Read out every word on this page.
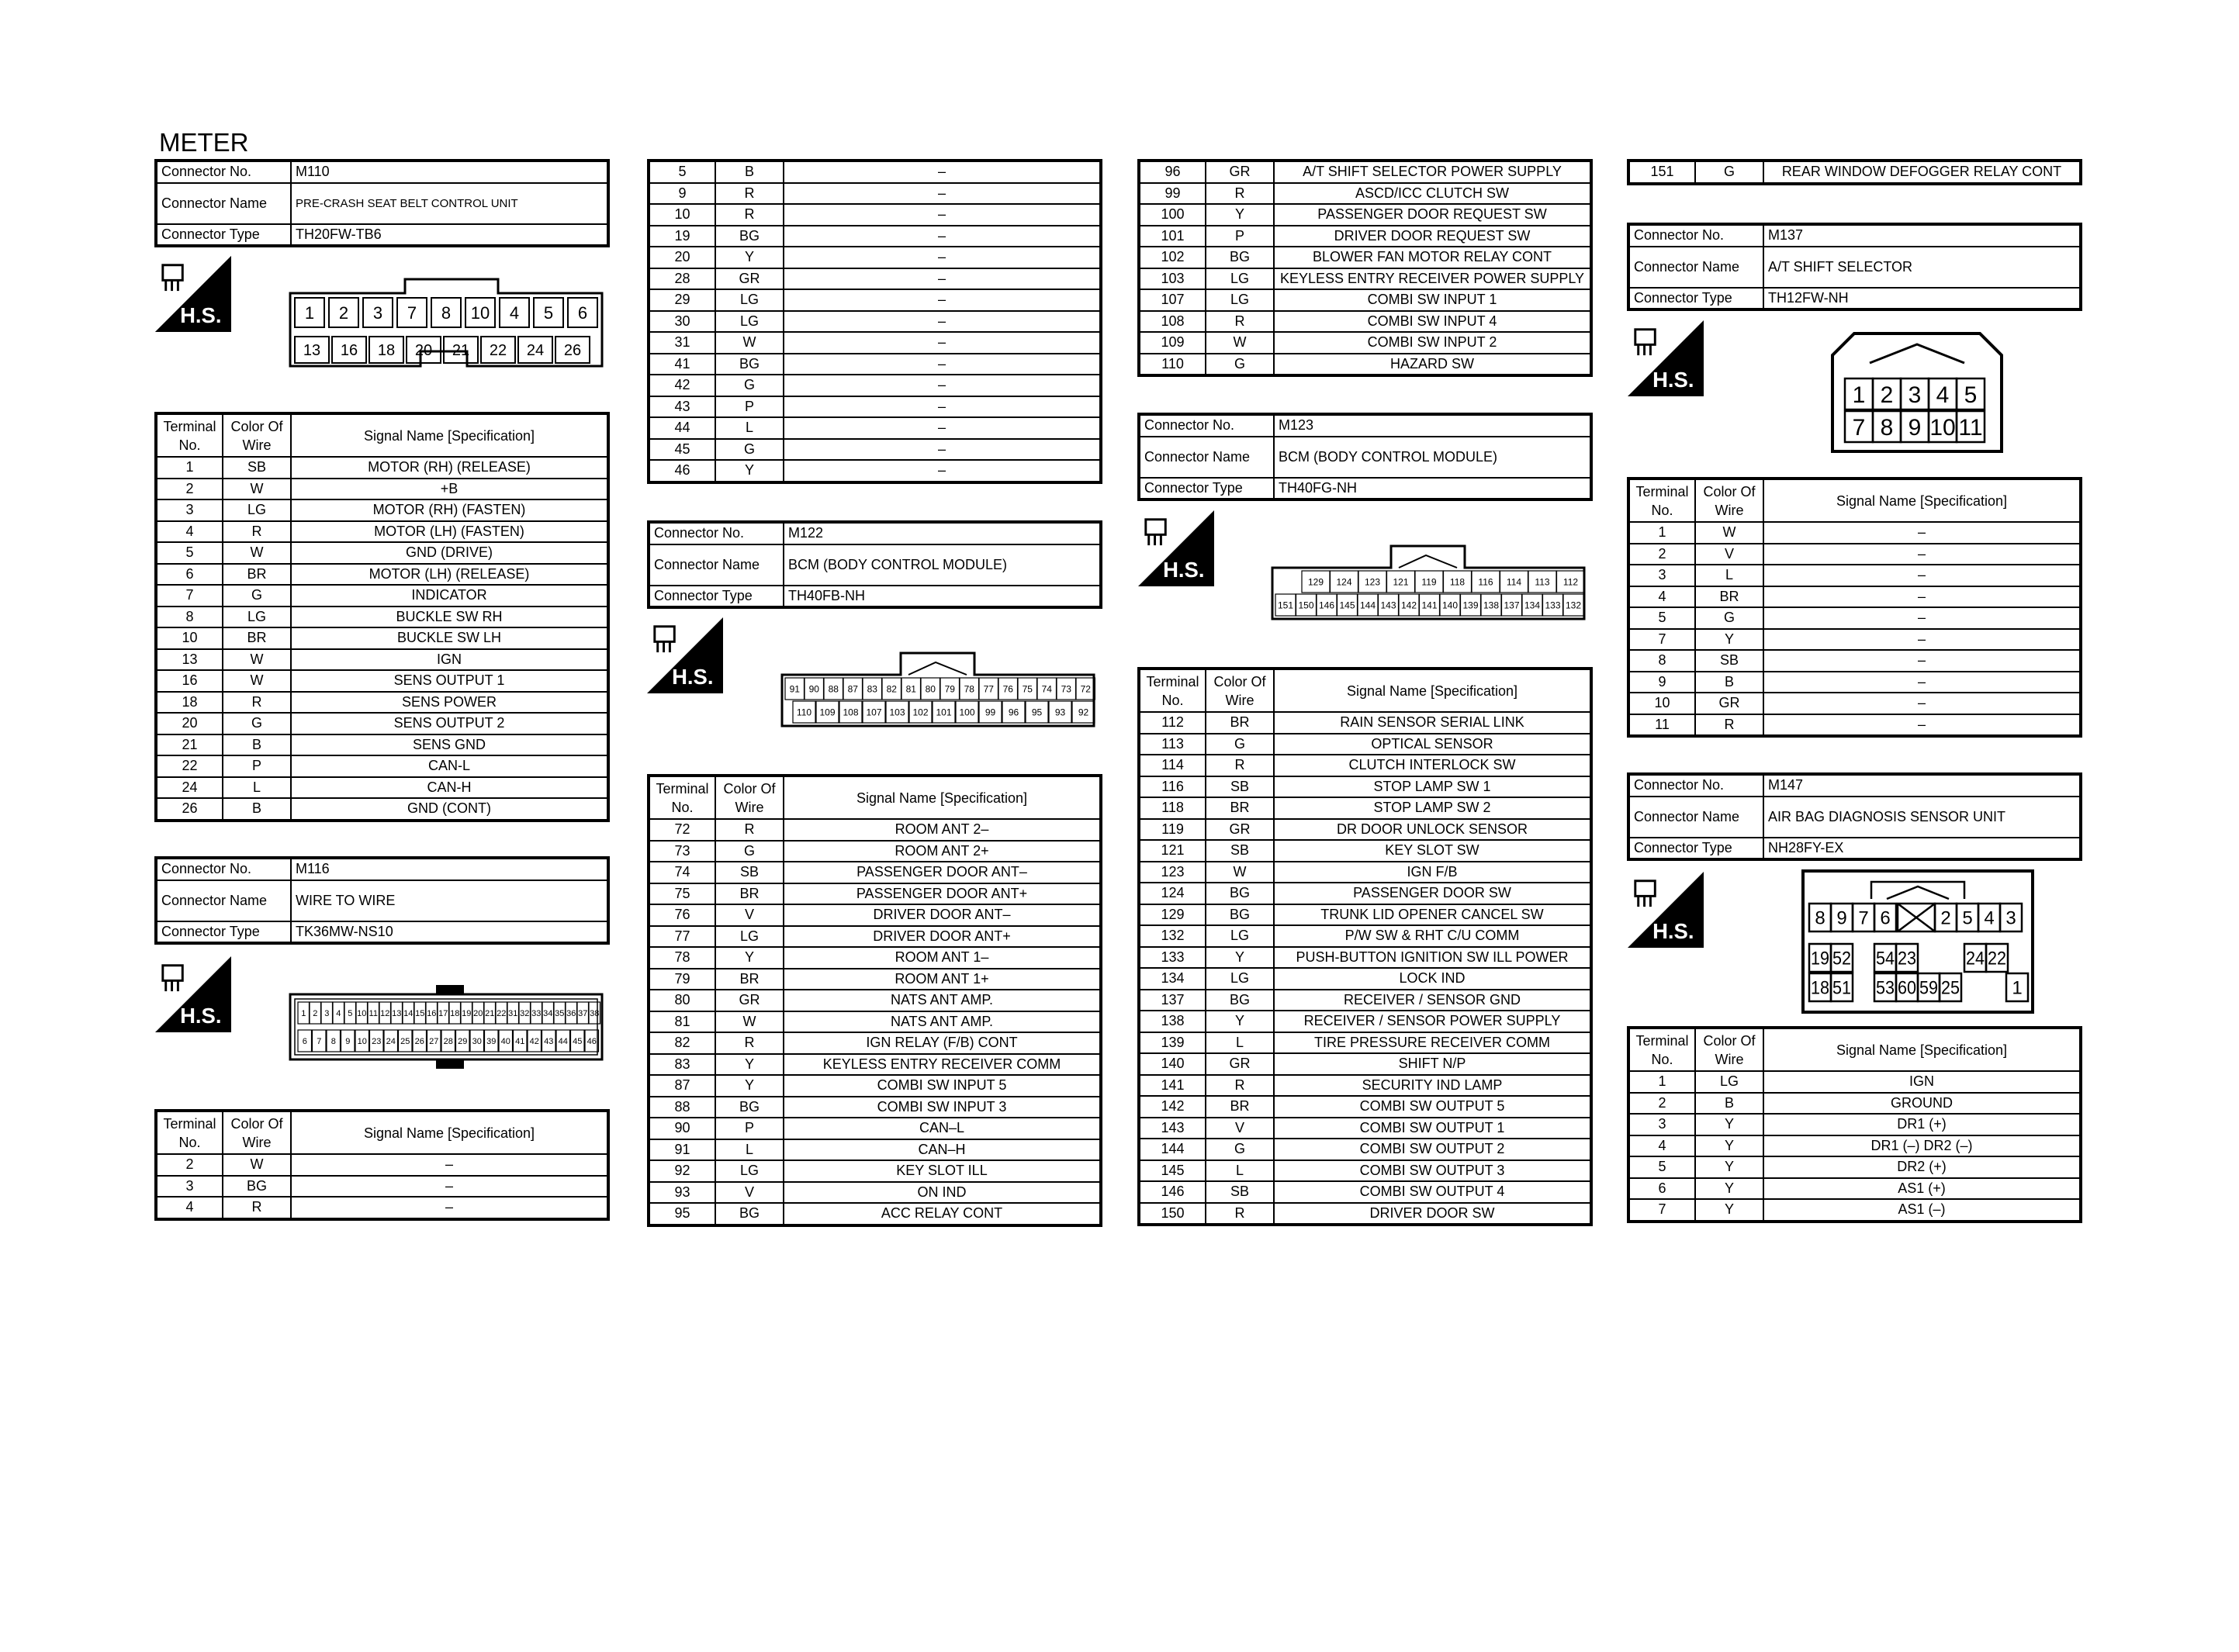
METER
Connector No.	M110
Connector Name	PRE-CRASH SEAT BELT CONTROL UNIT
Connector Type	TH20FW-TB6
H.S.	1 2 3 7 8 10 4 5 6
13 16 18 20 21 22 24 26
Terminal No.	Color Of Wire	Signal Name [Specification]
1	SB	MOTOR (RH) (RELEASE)
2	W	+B
3	LG	MOTOR (RH) (FASTEN)
4	R	MOTOR (LH) (FASTEN)
5	W	GND (DRIVE)
6	BR	MOTOR (LH) (RELEASE)
7	G	INDICATOR
8	LG	BUCKLE SW RH
10	BR	BUCKLE SW LH
13	W	IGN
16	W	SENS OUTPUT 1
18	R	SENS POWER
20	G	SENS OUTPUT 2
21	B	SENS GND
22	P	CAN-L
24	L	CAN-H
26	B	GND (CONT)
Connector No.	M116
Connector Name	WIRE TO WIRE
Connector Type	TK36MW-NS10
H.S.	1 2 3 4 5 10 11 12 13 14 15 16 17 18 19 20 21 22 31 32 33 34 35 36 37 38
6 7 8 9 10 23 24 25 26 27 28 29 30 39 40 41 42 43 44 45 46
Terminal No.	Color Of Wire	Signal Name [Specification]
2	W	–
3	BG	–
4	R	–
5	B	–
9	R	–
10	R	–
19	BG	–
20	Y	–
28	GR	–
29	LG	–
30	LG	–
31	W	–
41	BG	–
42	G	–
43	P	–
44	L	–
45	G	–
46	Y	–
Connector No.	M122
Connector Name	BCM (BODY CONTROL MODULE)
Connector Type	TH40FB-NH
H.S.
91 90 88 87 83 82 81 80 79 78 77 76 75 74 73 72
110 109 108 107 103 102 101 100 99 96 95 93 92
Terminal No.	Color Of Wire	Signal Name [Specification]
72	R	ROOM ANT 2–
73	G	ROOM ANT 2+
74	SB	PASSENGER DOOR ANT–
75	BR	PASSENGER DOOR ANT+
76	V	DRIVER DOOR ANT–
77	LG	DRIVER DOOR ANT+
78	Y	ROOM ANT 1–
79	BR	ROOM ANT 1+
80	GR	NATS ANT AMP.
81	W	NATS ANT AMP.
82	R	IGN RELAY (F/B) CONT
83	Y	KEYLESS ENTRY RECEIVER COMM
87	Y	COMBI SW INPUT 5
88	BG	COMBI SW INPUT 3
90	P	CAN–L
91	L	CAN–H
92	LG	KEY SLOT ILL
93	V	ON IND
95	BG	ACC RELAY CONT
96	GR	A/T SHIFT SELECTOR POWER SUPPLY
99	R	ASCD/ICC CLUTCH SW
100	Y	PASSENGER DOOR REQUEST SW
101	P	DRIVER DOOR REQUEST SW
102	BG	BLOWER FAN MOTOR RELAY CONT
103	LG	KEYLESS ENTRY RECEIVER POWER SUPPLY
107	LG	COMBI SW INPUT 1
108	R	COMBI SW INPUT 4
109	W	COMBI SW INPUT 2
110	G	HAZARD SW
Connector No.	M123
Connector Name	BCM (BODY CONTROL MODULE)
Connector Type	TH40FG-NH
H.S.
129 124 123 121 119 118 116 114 113 112
151 150 146 145 144 143 142 141 140 139 138 137 134 133 132
Terminal No.	Color Of Wire	Signal Name [Specification]
112	BR	RAIN SENSOR SERIAL LINK
113	G	OPTICAL SENSOR
114	R	CLUTCH INTERLOCK SW
116	SB	STOP LAMP SW 1
118	BR	STOP LAMP SW 2
119	GR	DR DOOR UNLOCK SENSOR
121	SB	KEY SLOT SW
123	W	IGN F/B
124	BG	PASSENGER DOOR SW
129	BG	TRUNK LID OPENER CANCEL SW
132	LG	P/W SW & RHT C/U COMM
133	Y	PUSH-BUTTON IGNITION SW ILL POWER
134	LG	LOCK IND
137	BG	RECEIVER / SENSOR GND
138	Y	RECEIVER / SENSOR POWER SUPPLY
139	L	TIRE PRESSURE RECEIVER COMM
140	GR	SHIFT N/P
141	R	SECURITY IND LAMP
142	BR	COMBI SW OUTPUT 5
143	V	COMBI SW OUTPUT 1
144	G	COMBI SW OUTPUT 2
145	L	COMBI SW OUTPUT 3
146	SB	COMBI SW OUTPUT 4
150	R	DRIVER DOOR SW
151	G	REAR WINDOW DEFOGGER RELAY CONT
Connector No.	M137
Connector Name	A/T SHIFT SELECTOR
Connector Type	TH12FW-NH
H.S.
1 2 3 4 5
7 8 9 10 11
Terminal No.	Color Of Wire	Signal Name [Specification]
1	W	–
2	V	–
3	L	–
4	BR	–
5	G	–
7	Y	–
8	SB	–
9	B	–
10	GR	–
11	R	–
Connector No.	M147
Connector Name	AIR BAG DIAGNOSIS SENSOR UNIT
Connector Type	NH28FY-EX
H.S.
8 9 7 6	2 5 4 3
19 52 54 23	24 22
18 51 53 60 59 25	1
Terminal No.	Color Of Wire	Signal Name [Specification]
1	LG	IGN
2	B	GROUND
3	Y	DR1 (+)
4	Y	DR1 (–) DR2 (–)
5	Y	DR2 (+)
6	Y	AS1 (+)
7	Y	AS1 (–)
